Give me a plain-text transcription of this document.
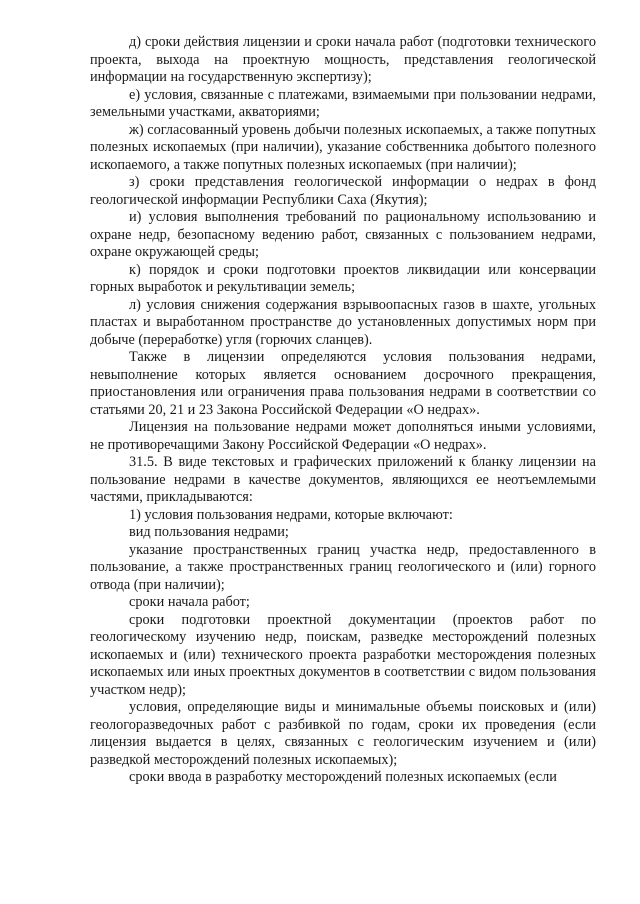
д) сроки действия лицензии и сроки начала работ (подготовки технического проекта, выхода на проектную мощность, представления геологической информации на государственную экспертизу);

е) условия, связанные с платежами, взимаемыми при пользовании недрами, земельными участками, акваториями;

ж) согласованный уровень добычи полезных ископаемых, а также попутных полезных ископаемых (при наличии), указание собственника добытого полезного ископаемого, а также попутных полезных ископаемых (при наличии);

з) сроки представления геологической информации о недрах в фонд геологической информации Республики Саха (Якутия);

и) условия выполнения требований по рациональному использованию и охране недр, безопасному ведению работ, связанных с пользованием недрами, охране окружающей среды;

к) порядок и сроки подготовки проектов ликвидации или консервации горных выработок и рекультивации земель;

л) условия снижения содержания взрывоопасных газов в шахте, угольных пластах и выработанном пространстве до установленных допустимых норм при добыче (переработке) угля (горючих сланцев).

Также в лицензии определяются условия пользования недрами, невыполнение которых является основанием досрочного прекращения, приостановления или ограничения права пользования недрами в соответствии со статьями 20, 21 и 23 Закона Российской Федерации «О недрах».

Лицензия на пользование недрами может дополняться иными условиями, не противоречащими Закону Российской Федерации «О недрах».

31.5. В виде текстовых и графических приложений к бланку лицензии на пользование недрами в качестве документов, являющихся ее неотъемлемыми частями, прикладываются:

1) условия пользования недрами, которые включают:

вид пользования недрами;

указание пространственных границ участка недр, предоставленного в пользование, а также пространственных границ геологического и (или) горного отвода (при наличии);

сроки начала работ;

сроки подготовки проектной документации (проектов работ по геологическому изучению недр, поискам, разведке месторождений полезных ископаемых и (или) технического проекта разработки месторождения полезных ископаемых или иных проектных документов в соответствии с видом пользования участком недр);

условия, определяющие виды и минимальные объемы поисковых и (или) геологоразведочных работ с разбивкой по годам, сроки их проведения (если лицензия выдается в целях, связанных с геологическим изучением и (или) разведкой месторождений полезных ископаемых);

сроки ввода в разработку месторождений полезных ископаемых (если
